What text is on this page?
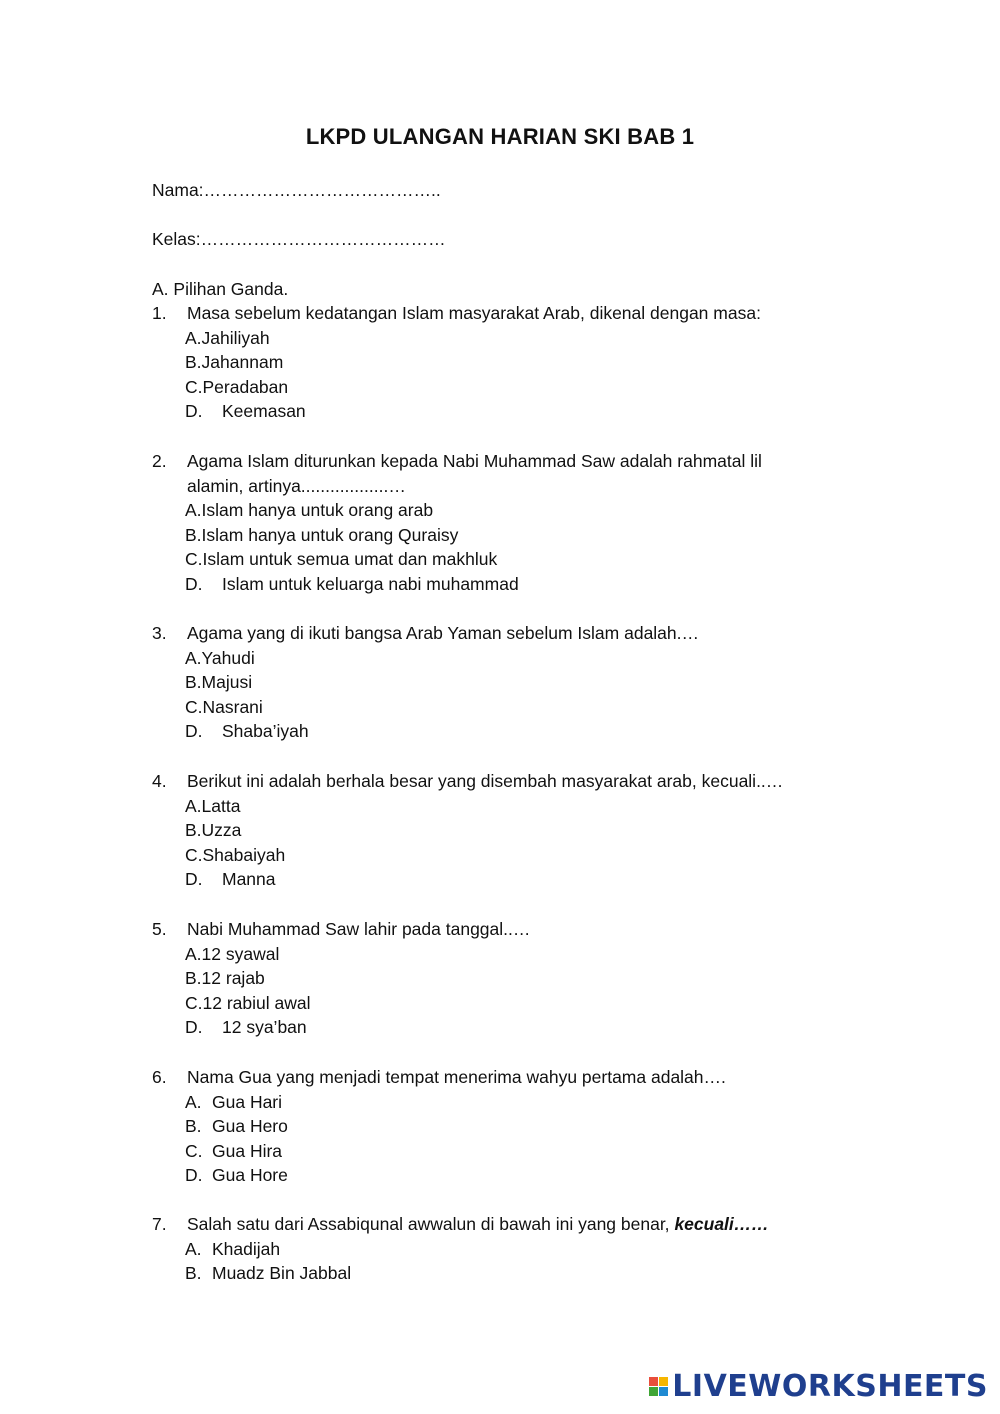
LKPD ULANGAN HARIAN SKI BAB 1
Nama:…………………………………..
Kelas:……………………………………
A. Pilihan Ganda.
1. Masa sebelum kedatangan Islam masyarakat Arab, dikenal dengan masa:
A.Jahiliyah
B.Jahannam
C.Peradaban
D. Keemasan
2. Agama Islam diturunkan kepada Nabi Muhammad Saw adalah rahmatal lil alamin, artinya..................…
A.Islam hanya untuk orang arab
B.Islam hanya untuk orang Quraisy
C.Islam untuk semua umat dan makhluk
D. Islam untuk keluarga nabi muhammad
3. Agama yang di ikuti bangsa Arab Yaman sebelum Islam adalah.…
A.Yahudi
B.Majusi
C.Nasrani
D. Shaba’iyah
4. Berikut ini adalah berhala besar yang disembah masyarakat arab, kecuali..…
A.Latta
B.Uzza
C.Shabaiyah
D. Manna
5. Nabi Muhammad Saw lahir pada tanggal..…
A.12 syawal
B.12 rajab
C.12 rabiul awal
D. 12 sya’ban
6. Nama Gua yang menjadi tempat menerima wahyu pertama adalah….
A. Gua Hari
B. Gua Hero
C. Gua Hira
D. Gua Hore
7. Salah satu dari Assabiqunal awwalun di bawah ini yang benar, kecuali……
A. Khadijah
B. Muadz Bin Jabbal
LIVEWORKSHEETS
